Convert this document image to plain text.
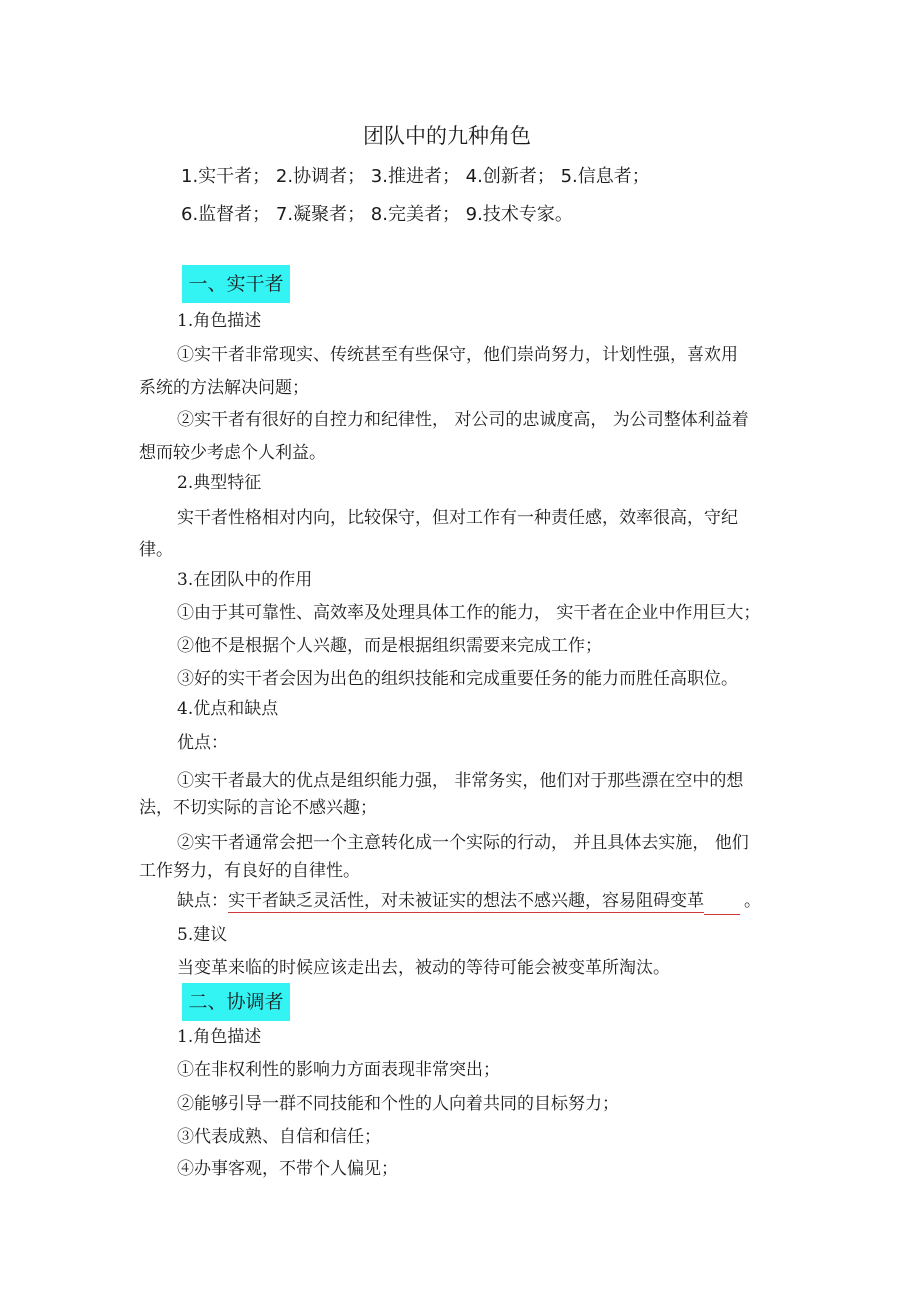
团队中的九种角色
1.实干者； 2.协调者； 3.推进者； 4.创新者； 5.信息者；
6.监督者； 7.凝聚者； 8.完美者； 9.技术专家。
一、实干者
1.角色描述
①实干者非常现实、传统甚至有些保守，他们崇尚努力，计划性强，喜欢用
系统的方法解决问题；
②实干者有很好的自控力和纪律性， 对公司的忠诚度高， 为公司整体利益着
想而较少考虑个人利益。
2.典型特征
实干者性格相对内向，比较保守，但对工作有一种责任感，效率很高，守纪
律。
3.在团队中的作用
①由于其可靠性、高效率及处理具体工作的能力， 实干者在企业中作用巨大；
②他不是根据个人兴趣，而是根据组织需要来完成工作；
③好的实干者会因为出色的组织技能和完成重要任务的能力而胜任高职位。
4.优点和缺点
优点：
①实干者最大的优点是组织能力强， 非常务实，他们对于那些漂在空中的想
法，不切实际的言论不感兴趣；
②实干者通常会把一个主意转化成一个实际的行动， 并且具体去实施， 他们
工作努力，有良好的自律性。
缺点：实干者缺乏灵活性，对未被证实的想法不感兴趣，容易阻碍变革 。
5.建议
当变革来临的时候应该走出去，被动的等待可能会被变革所淘汰。
二、协调者
1.角色描述
①在非权利性的影响力方面表现非常突出；
②能够引导一群不同技能和个性的人向着共同的目标努力；
③代表成熟、自信和信任；
④办事客观，不带个人偏见；
